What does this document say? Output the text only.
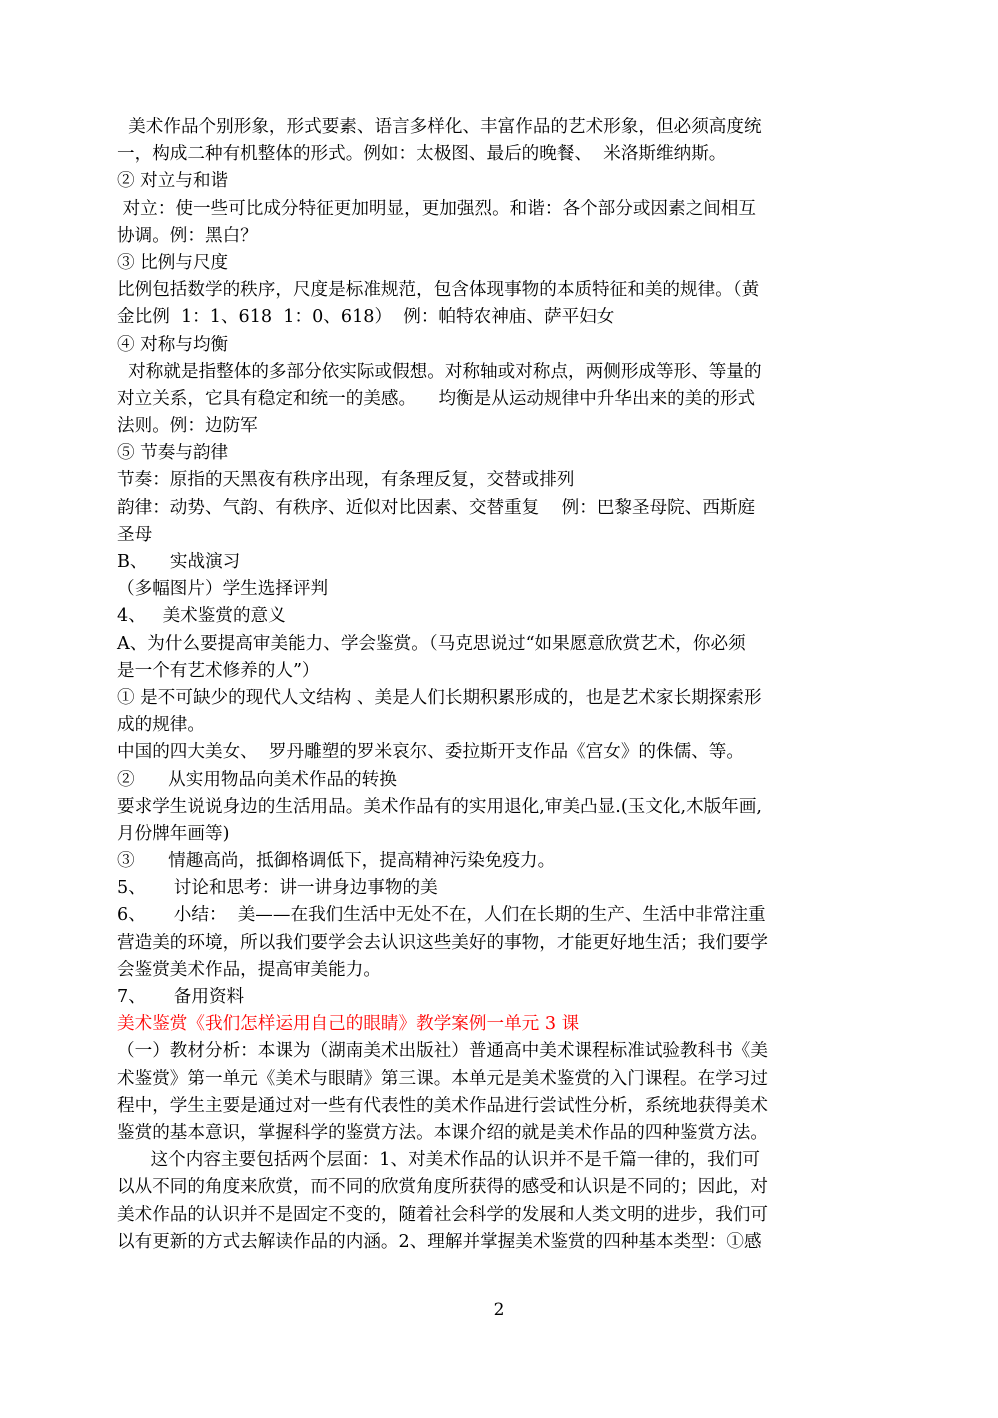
美术作品个别形象，形式要素、语言多样化、丰富作品的艺术形象，但必须高度统
一，构成二种有机整体的形式。例如：太极图、最后的晚餐、  米洛斯维纳斯。
② 对立与和谐
对立：使一些可比成分特征更加明显，更加强烈。和谐：各个部分或因素之间相互
协调。例：黑白？
③ 比例与尺度
比例包括数学的秩序，尺度是标准规范，包含体现事物的本质特征和美的规律。（黄
金比例  1：1、618  1：0、618）  例：帕特农神庙、萨平妇女
④ 对称与均衡
对称就是指整体的多部分依实际或假想。对称轴或对称点，两侧形成等形、等量的
对立关系，它具有稳定和统一的美感。    均衡是从运动规律中升华出来的美的形式
法则。例：边防军
⑤ 节奏与韵律
节奏：原指的天黑夜有秩序出现，有条理反复，交替或排列
韵律：动势、气韵、有秩序、近似对比因素、交替重复    例：巴黎圣母院、西斯庭
圣母
B、    实战演习
（多幅图片）学生选择评判
4、   美术鉴赏的意义
A、为什么要提高审美能力、学会鉴赏。（马克思说过“如果愿意欣赏艺术，你必须
是一个有艺术修养的人”）
① 是不可缺少的现代人文结构 、美是人们长期积累形成的，也是艺术家长期探索形
成的规律。
中国的四大美女、  罗丹雕塑的罗米哀尔、委拉斯开支作品《宫女》的侏儒、等。
②      从实用物品向美术作品的转换
要求学生说说身边的生活用品。美术作品有的实用退化,审美凸显.(玉文化,木版年画,
月份牌年画等)
③      情趣高尚，抵御格调低下，提高精神污染免疫力。
5、     讨论和思考：讲一讲身边事物的美
6、     小结：  美——在我们生活中无处不在，人们在长期的生产、生活中非常注重
营造美的环境，所以我们要学会去认识这些美好的事物，才能更好地生活；我们要学
会鉴赏美术作品，提高审美能力。
7、     备用资料
美术鉴赏《我们怎样运用自己的眼睛》教学案例一单元 3 课
（一）教材分析：本课为（湖南美术出版社）普通高中美术课程标准试验教科书《美
术鉴赏》第一单元《美术与眼睛》第三课。本单元是美术鉴赏的入门课程。在学习过
程中，学生主要是通过对一些有代表性的美术作品进行尝试性分析，系统地获得美术
鉴赏的基本意识，掌握科学的鉴赏方法。本课介绍的就是美术作品的四种鉴赏方法。
这个内容主要包括两个层面：1、对美术作品的认识并不是千篇一律的，我们可
以从不同的角度来欣赏，而不同的欣赏角度所获得的感受和认识是不同的；因此，对
美术作品的认识并不是固定不变的，随着社会科学的发展和人类文明的进步，我们可
以有更新的方式去解读作品的内涵。2、理解并掌握美术鉴赏的四种基本类型：①感
2
